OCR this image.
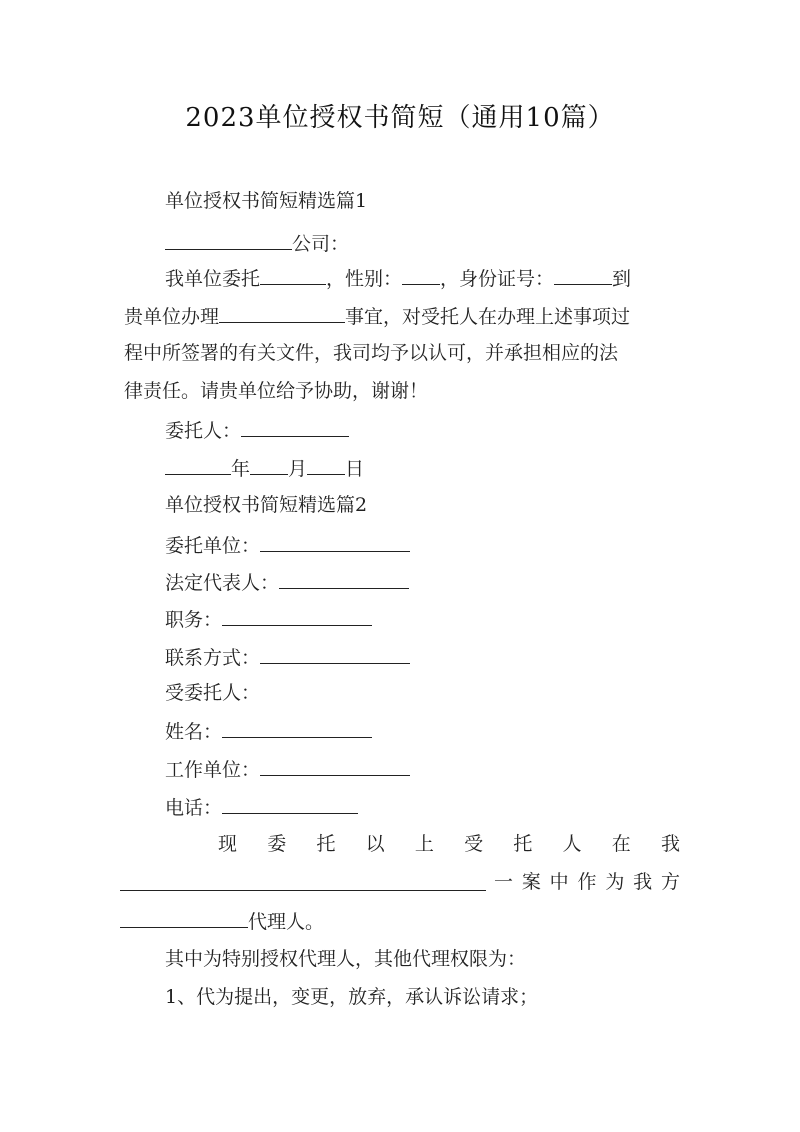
2023单位授权书简短（通用10篇）
单位授权书简短精选篇1
公司：
我单位委托	，性别： ，身份证号：	到
贵单位办理	事宜，对受托人在办理上述事项过
程中所签署的有关文件，我司均予以认可，并承担相应的法
律责任。请贵单位给予协助，谢谢！
委托人：
年 月 日
单位授权书简短精选篇2
委托单位：
法定代表人：
职务：
联系方式：
受委托人：
姓名：
工作单位：
电话：
现 委 托 以 上 受 托 人 在 我
一 案 中 作 为 我 方
代理人。
其中为特别授权代理人，其他代理权限为：
1、代为提出，变更，放弃，承认诉讼请求；
